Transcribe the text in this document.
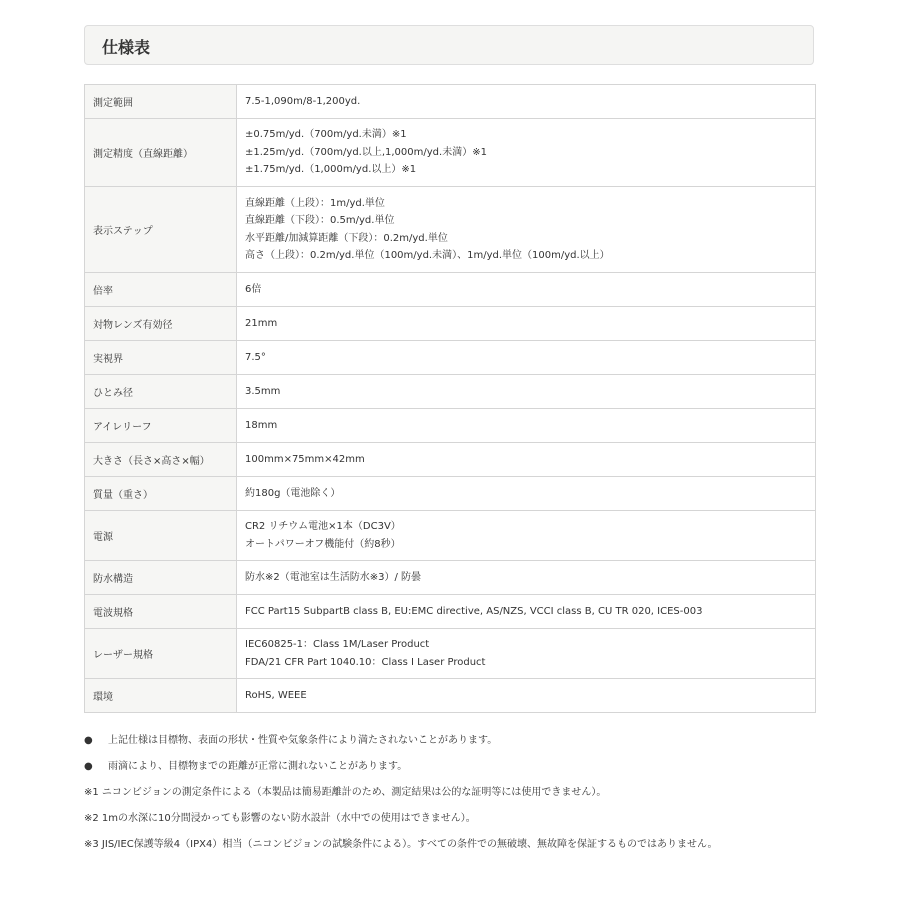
仕様表
測定範囲	7.5-1,090m/8-1,200yd.

測定精度（直線距離）	±0.75m/yd.（700m/yd.未満）※1
±1.25m/yd.（700m/yd.以上,1,000m/yd.未満）※1
±1.75m/yd.（1,000m/yd.以上）※1

表示ステップ	直線距離（上段）：1m/yd.単位
直線距離（下段）：0.5m/yd.単位
水平距離/加減算距離（下段）：0.2m/yd.単位
高さ（上段）：0.2m/yd.単位（100m/yd.未満）、1m/yd.単位（100m/yd.以上）

倍率	6倍

対物レンズ有効径	21mm

実視界	7.5°

ひとみ径	3.5mm

アイレリーフ	18mm

大きさ（長さ×高さ×幅）	100mm×75mm×42mm

質量（重さ）	約180g（電池除く）

電源	CR2 リチウム電池×1本（DC3V）
オートパワーオフ機能付（約8秒）

防水構造	防水※2（電池室は生活防水※3）/ 防曇

電波規格	FCC Part15 SubpartB class B, EU:EMC directive, AS/NZS, VCCI class B, CU TR 020, ICES-003

レーザー規格	IEC60825-1：Class 1M/Laser Product
FDA/21 CFR Part 1040.10：Class I Laser Product

環境	RoHS, WEEE
● 上記仕様は目標物、表面の形状・性質や気象条件により満たされないことがあります。
● 雨滴により、目標物までの距離が正常に測れないことがあります。
※1 ニコンビジョンの測定条件による（本製品は簡易距離計のため、測定結果は公的な証明等には使用できません）。
※2 1mの水深に10分間浸かっても影響のない防水設計（水中での使用はできません）。
※3 JIS/IEC保護等級4（IPX4）相当（ニコンビジョンの試験条件による）。すべての条件での無破壊、無故障を保証するものではありません。
